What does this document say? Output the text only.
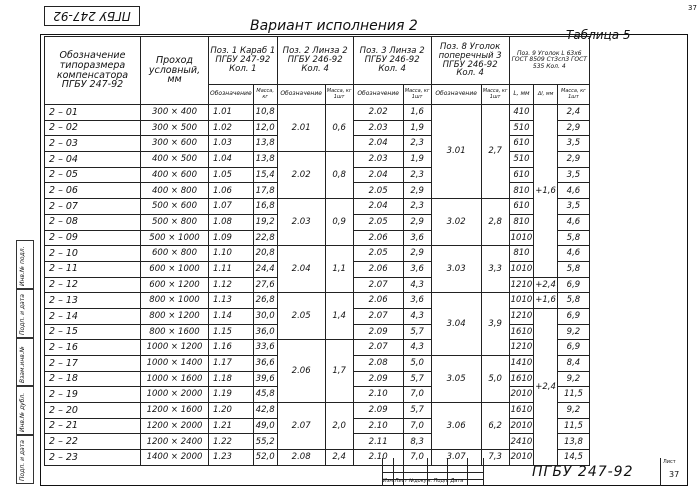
ПГБУ 247-92
37
Вариант исполнения 2
Таблица 5
Обозначение типоразмера компенсатора ПГБУ 247-92	Проход условный, мм	Поз. 1 Караб 1 ПГБУ 247-92 Кол. 1		Поз. 2 Линза 2 ПГБУ 246-92 Кол. 4		Поз. 3 Линза 2 ПГБУ 246-92 Кол. 4		Поз. 8 Уголок поперечный 3 ПГБУ 246-92 Кол. 4		Поз. 9 Уголок L 63х6 ГОСТ 8509 Ст3сп3 ГОСТ 535 Кол. 4		
		Обозначение	Масса, кг	Обозначение	Масса, кг 1шт	Обозначение	Масса, кг 1шт	Обозначение	Масса, кг 1шт	L, мм	Δl, мм	Масса, кг 1шт
2 – 01	300 × 400	1.01	10,8	2.01	0,6	2.02	1,6	3.01	2,7	410	+1,6	2,4
2 – 02	300 × 500	1.02	12,0			2.03	1,9			510		2,9
2 – 03	300 × 600	1.03	13,8			2.04	2,3			610		3,5
2 – 04	400 × 500	1.04	13,8	2.02	0,8	2.03	1,9			510		2,9
2 – 05	400 × 600	1.05	15,4			2.04	2,3			610		3,5
2 – 06	400 × 800	1.06	17,8			2.05	2,9			810		4,6
2 – 07	500 × 600	1.07	16,8	2.03	0,9	2.04	2,3	3.02	2,8	610		3,5
2 – 08	500 × 800	1.08	19,2			2.05	2,9			810		4,6
2 – 09	500 × 1000	1.09	22,8			2.06	3,6			1010		5,8
2 – 10	600 × 800	1.10	20,8	2.04	1,1	2.05	2,9	3.03	3,3	810		4,6
2 – 11	600 × 1000	1.11	24,4			2.06	3,6			1010		5,8
2 – 12	600 × 1200	1.12	27,6			2.07	4,3			1210	+2,4	6,9
2 – 13	800 × 1000	1.13	26,8	2.05	1,4	2.06	3,6	3.04	3,9	1010	+1,6	5,8
2 – 14	800 × 1200	1.14	30,0			2.07	4,3			1210	+2,4	6,9
2 – 15	800 × 1600	1.15	36,0			2.09	5,7			1610		9,2
2 – 16	1000 × 1200	1.16	33,6	2.06	1,7	2.07	4,3			1210		6,9
2 – 17	1000 × 1400	1.17	36,6			2.08	5,0	3.05	5,0	1410		8,4
2 – 18	1000 × 1600	1.18	39,6			2.09	5,7			1610		9,2
2 – 19	1000 × 2000	1.19	45,8			2.10	7,0			2010		11,5
2 – 20	1200 × 1600	1.20	42,8	2.07	2,0	2.09	5,7	3.06	6,2	1610		9,2
2 – 21	1200 × 2000	1.21	49,0			2.10	7,0			2010		11,5
2 – 22	1200 × 2400	1.22	55,2			2.11	8,3			2410		13,8
2 – 23	1400 × 2000	1.23	52,0	2.08	2,4	2.10	7,0	3.07	7,3	2010		14,5
Инв.№ подл.
Подп. и дата
Взам.инв.№
Инв.№ дубл.
Подп. и дата
Изм Лист №докум. Подп. Дата
ПГБУ 247-92
Лист
37
